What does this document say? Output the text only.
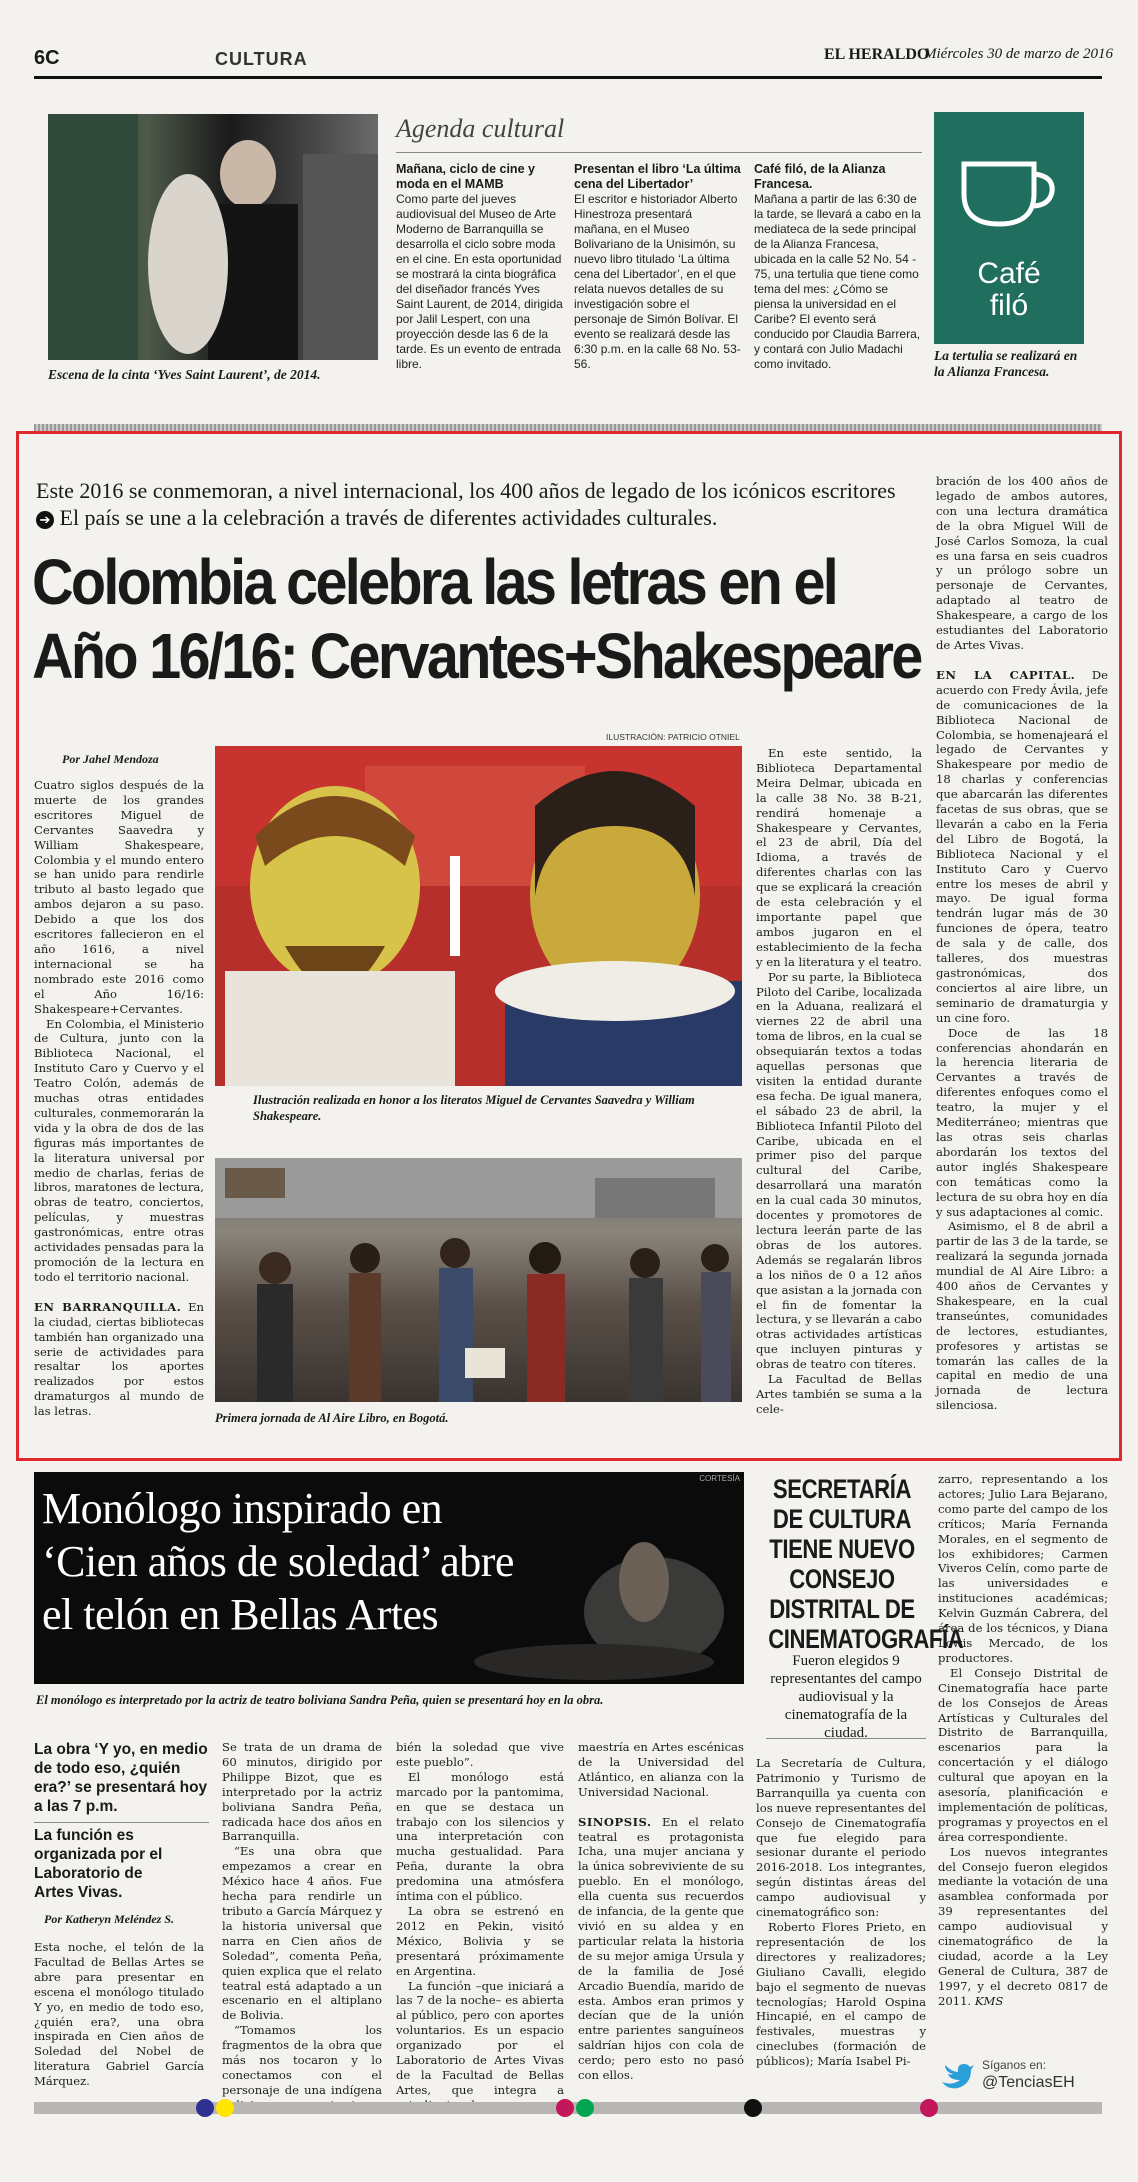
6C	CULTURA	EL HERALDO
Miércoles 30 de marzo de 2016
Escena de la cinta ‘Yves Saint Laurent’, de 2014.
Agenda cultural
Mañana, ciclo de cine y moda en el MAMB
Como parte del jueves audiovisual del Museo de Arte Moderno de Barranquilla se desarrolla el ciclo sobre moda en el cine. En esta oportunidad se mostrará la cinta biográfica del diseñador francés Yves Saint Laurent, de 2014, dirigida por Jalil Lespert, con una proyección desde las 6 de la tarde. Es un evento de entrada libre.
Presentan el libro ‘La última cena del Libertador’
El escritor e historiador Alberto Hinestroza presentará mañana, en el Museo Bolivariano de la Unisimón, su nuevo libro titulado ‘La última cena del Libertador’, en el que relata nuevos detalles de su investigación sobre el personaje de Simón Bolívar. El evento se realizará desde las 6:30 p.m. en la calle 68 No. 53-56.
Café filó, de la Alianza Francesa.
Mañana a partir de las 6:30 de la tarde, se llevará a cabo en la mediateca de la sede principal de la Alianza Francesa, ubicada en la calle 52 No. 54 - 75, una tertulia que tiene como tema del mes: ¿Cómo se piensa la universidad en el Caribe? El evento será conducido por Claudia Barrera, y contará con Julio Madachi como invitado.
Café
filó
La tertulia se realizará en la Alianza Francesa.
Este 2016 se conmemoran, a nivel internacional, los 400 años de legado de los icónicos escritores ➔ El país se une a la celebración a través de diferentes actividades culturales.
Colombia celebra las letras en el
Año 16/16: Cervantes+Shakespeare
Por Jahel Mendoza

Cuatro siglos después de la muerte de los grandes escritores Miguel de Cervantes Saavedra y William Shakespeare, Colombia y el mundo entero se han unido para rendirle tributo al basto legado que ambos dejaron a su paso. Debido a que los dos escritores fallecieron en el año 1616, a nivel internacional se ha nombrado este 2016 como el Año 16/16: Shakespeare+Cervantes.

En Colombia, el Ministerio de Cultura, junto con la Biblioteca Nacional, el Instituto Caro y Cuervo y el Teatro Colón, además de muchas otras entidades culturales, conmemorarán la vida y la obra de dos de las figuras más importantes de la literatura universal por medio de charlas, ferias de libros, maratones de lectura, obras de teatro, conciertos, películas, y muestras gastronómicas, entre otras actividades pensadas para la promoción de la lectura en todo el territorio nacional.

EN BARRANQUILLA. En la ciudad, ciertas bibliotecas también han organizado una serie de actividades para resaltar los aportes realizados por estos dramaturgos al mundo de las letras.

ILUSTRACIÓN: PATRICIO OTNIEL
Ilustración realizada en honor a los literatos Miguel de Cervantes Saavedra y William Shakespeare.
Primera jornada de Al Aire Libro, en Bogotá.

En este sentido, la Biblioteca Departamental Meira Delmar, ubicada en la calle 38 No. 38 B-21, rendirá homenaje a Shakespeare y Cervantes, el 23 de abril, Día del Idioma, a través de diferentes charlas con las que se explicará la creación de esta celebración y el importante papel que ambos jugaron en el establecimiento de la fecha y en la literatura y el teatro.

Por su parte, la Biblioteca Piloto del Caribe, localizada en la Aduana, realizará el viernes 22 de abril una toma de libros, en la cual se obsequiarán textos a todas aquellas personas que visiten la entidad durante esa fecha. De igual manera, el sábado 23 de abril, la Biblioteca Infantil Piloto del Caribe, ubicada en el primer piso del parque cultural del Caribe, desarrollará una maratón en la cual cada 30 minutos, docentes y promotores de lectura leerán parte de las obras de los autores. Además se regalarán libros a los niños de 0 a 12 años que asistan a la jornada con el fin de fomentar la lectura, y se llevarán a cabo otras actividades artísticas que incluyen pinturas y obras de teatro con títeres.

La Facultad de Bellas Artes también se suma a la cele-

bración de los 400 años de legado de ambos autores, con una lectura dramática de la obra Miguel Will de José Carlos Somoza, la cual es una farsa en seis cuadros y un prólogo sobre un personaje de Cervantes, adaptado al teatro de Shakespeare, a cargo de los estudiantes del Laboratorio de Artes Vivas.

EN LA CAPITAL. De acuerdo con Fredy Ávila, jefe de comunicaciones de la Biblioteca Nacional de Colombia, se homenajeará el legado de Cervantes y Shakespeare por medio de 18 charlas y conferencias que abarcarán las diferentes facetas de sus obras, que se llevarán a cabo en la Feria del Libro de Bogotá, la Biblioteca Nacional y el Instituto Caro y Cuervo entre los meses de abril y mayo. De igual forma tendrán lugar más de 30 funciones de ópera, teatro de sala y de calle, dos talleres, dos muestras gastronómicas, dos conciertos al aire libre, un seminario de dramaturgia y un cine foro.

Doce de las 18 conferencias ahondarán en la herencia literaria de Cervantes a través de diferentes enfoques como el teatro, la mujer y el Mediterráneo; mientras que las otras seis charlas abordarán los textos del autor inglés Shakespeare con temáticas como la lectura de su obra hoy en día y sus adaptaciones al comic.

Asimismo, el 8 de abril a partir de las 3 de la tarde, se realizará la segunda jornada mundial de Al Aire Libro: a 400 años de Cervantes y Shakespeare, en la cual transeúntes, comunidades de lectores, estudiantes, profesores y artistas se tomarán las calles de la capital en medio de una jornada de lectura silenciosa.

CORTESÍA
Monólogo inspirado en
‘Cien años de soledad’ abre
el telón en Bellas Artes
El monólogo es interpretado por la actriz de teatro boliviana Sandra Peña, quien se presentará hoy en la obra.
La obra ‘Y yo, en medio de todo eso, ¿quién era?’ se presentará hoy a las 7 p.m.
La función es organizada por el Laboratorio de Artes Vivas.
Por Katheryn Meléndez S.
Esta noche, el telón de la Facultad de Bellas Artes se abre para presentar en escena el monólogo titulado Y yo, en medio de todo eso, ¿quién era?, una obra inspirada en Cien años de Soledad del Nobel de literatura Gabriel García Márquez.

Se trata de un drama de 60 minutos, dirigido por Philippe Bizot, que es interpretado por la actriz boliviana Sandra Peña, radicada hace dos años en Barranquilla.

“Es una obra que empezamos a crear en México hace 4 años. Fue hecha para rendirle un tributo a García Márquez y la historia universal que narra en Cien años de Soledad”, comenta Peña, quien explica que el relato teatral está adaptado a un escenario en el altiplano de Bolivia.

“Tomamos los fragmentos de la obra que más nos tocaron y lo conectamos con el personaje de una indígena

bién la soledad que vive este pueblo”.

El monólogo está marcado por la pantomima, en que se destaca un trabajo con los silencios y una interpretación con mucha gestualidad. Para Peña, durante la obra predomina una atmósfera íntima con el público.

La obra se estrenó en 2012 en Pekin, visitó México, Bolivia y se presentará próximamente en Argentina.

La función –que iniciará a las 7 de la noche– es abierta al público, pero con aportes voluntarios. Es un espacio organizado por el Laboratorio de Artes Vivas de la Facultad de Bellas Artes, que integra a

maestría en Artes escénicas de la Universidad del Atlántico, en alianza con la Universidad Nacional.

SINOPSIS. En el relato teatral es protagonista Icha, una mujer anciana y la única sobreviviente de su pueblo. En el monólogo, ella cuenta sus recuerdos de infancia, de la gente que vivió en su aldea y en particular relata la historia de su mejor amiga Úrsula y de la familia de José Arcadio Buendía, marido de esta. Ambos eran primos y decían que de la unión entre parientes sanguíneos saldrían hijos con cola de cerdo; pero esto no pasó con ellos.

SECRETARÍA DE CULTURA TIENE NUEVO CONSEJO DISTRITAL DE CINEMATOGRAFÍA
Fueron elegidos 9 representantes del campo audiovisual y la cinematografía de la ciudad.

La Secretaría de Cultura, Patrimonio y Turismo de Barranquilla ya cuenta con los nueve representantes del Consejo de Cinematografía que fue elegido para sesionar durante el periodo 2016-2018. Los integrantes, según distintas áreas del campo audiovisual y cinematográfico son:

Roberto Flores Prieto, en representación de los directores y realizadores; Giuliano Cavalli, elegido bajo el segmento de nuevas tecnologías; Harold Ospina Hincapié, en el campo de festivales, muestras y cineclubes (formación de públicos); María Isabel Pi-

zarro, representando a los actores; Julio Lara Bejarano, como parte del campo de los críticos; María Fernanda Morales, en el segmento de los exhibidores; Carmen Viveros Celín, como parte de las universidades e instituciones académicas; Kelvin Guzmán Cabrera, del área de los técnicos, y Diana Lowis Mercado, de los productores.

El Consejo Distrital de Cinematografía hace parte de los Consejos de Áreas Artísticas y Culturales del Distrito de Barranquilla, escenarios para la concertación y el diálogo cultural que apoyan en la asesoría, planificación e implementación de políticas, programas y proyectos en el área correspondiente.

Los nuevos integrantes del Consejo fueron elegidos mediante la votación de una asamblea conformada por 39 representantes del campo audiovisual y cinematográfico de la ciudad, acorde a la Ley General de Cultura, 387 de 1997, y el decreto 0817 de 2011. KMS

Síganos en:
@TenciasEH
